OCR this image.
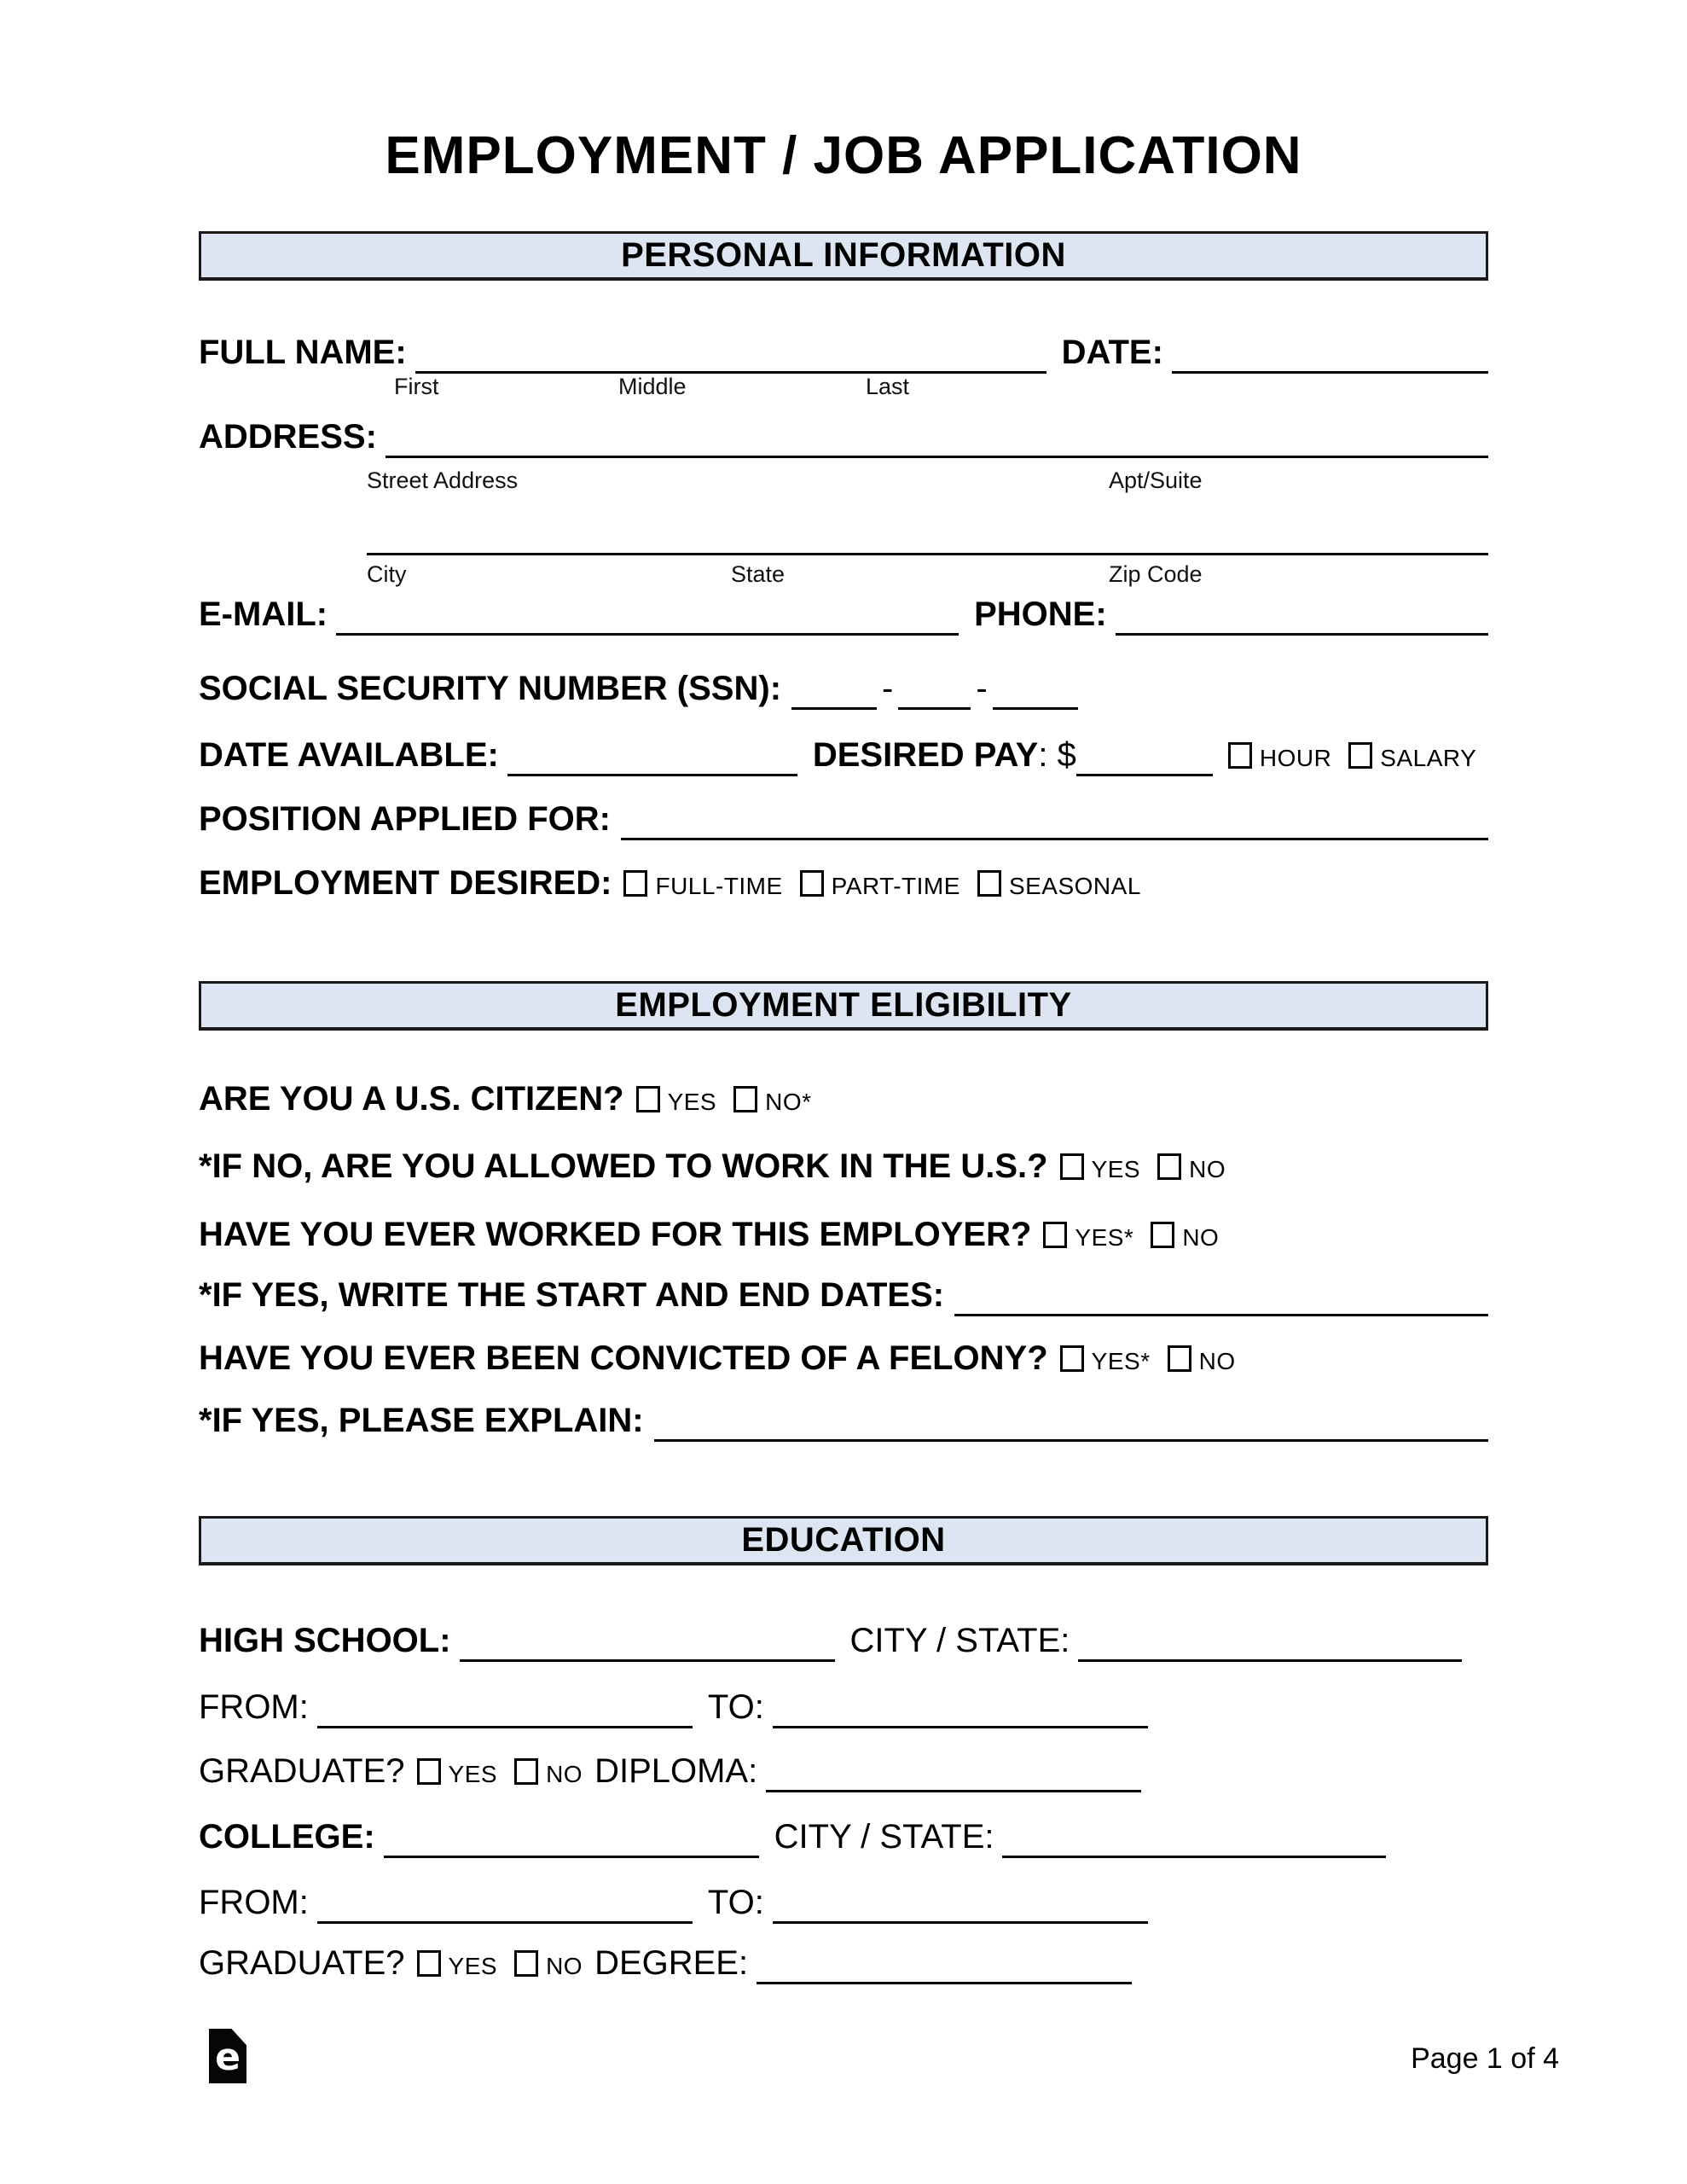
EMPLOYMENT / JOB APPLICATION
PERSONAL INFORMATION
FULL NAME:	DATE:
First	Middle	Last
ADDRESS:
Street Address	Apt/Suite
City	State	Zip Code
E-MAIL:	PHONE:
SOCIAL SECURITY NUMBER (SSN):	- -
DATE AVAILABLE:	DESIRED PAY : $	HOUR SALARY
POSITION APPLIED FOR:
EMPLOYMENT DESIRED: FULL-TIME PART-TIME SEASONAL
EMPLOYMENT ELIGIBILITY
ARE YOU A U.S. CITIZEN? YES NO*
*IF NO, ARE YOU ALLOWED TO WORK IN THE U.S.? YES NO
HAVE YOU EVER WORKED FOR THIS EMPLOYER? YES* NO
*IF YES, WRITE THE START AND END DATES:
HAVE YOU EVER BEEN CONVICTED OF A FELONY? YES* NO
*IF YES, PLEASE EXPLAIN:
EDUCATION
HIGH SCHOOL:	CITY / STATE:
FROM:	TO:
GRADUATE? YES NO DIPLOMA:
COLLEGE:	CITY / STATE:
FROM:	TO:
GRADUATE? YES NO DEGREE:
e	Page 1 of 4
